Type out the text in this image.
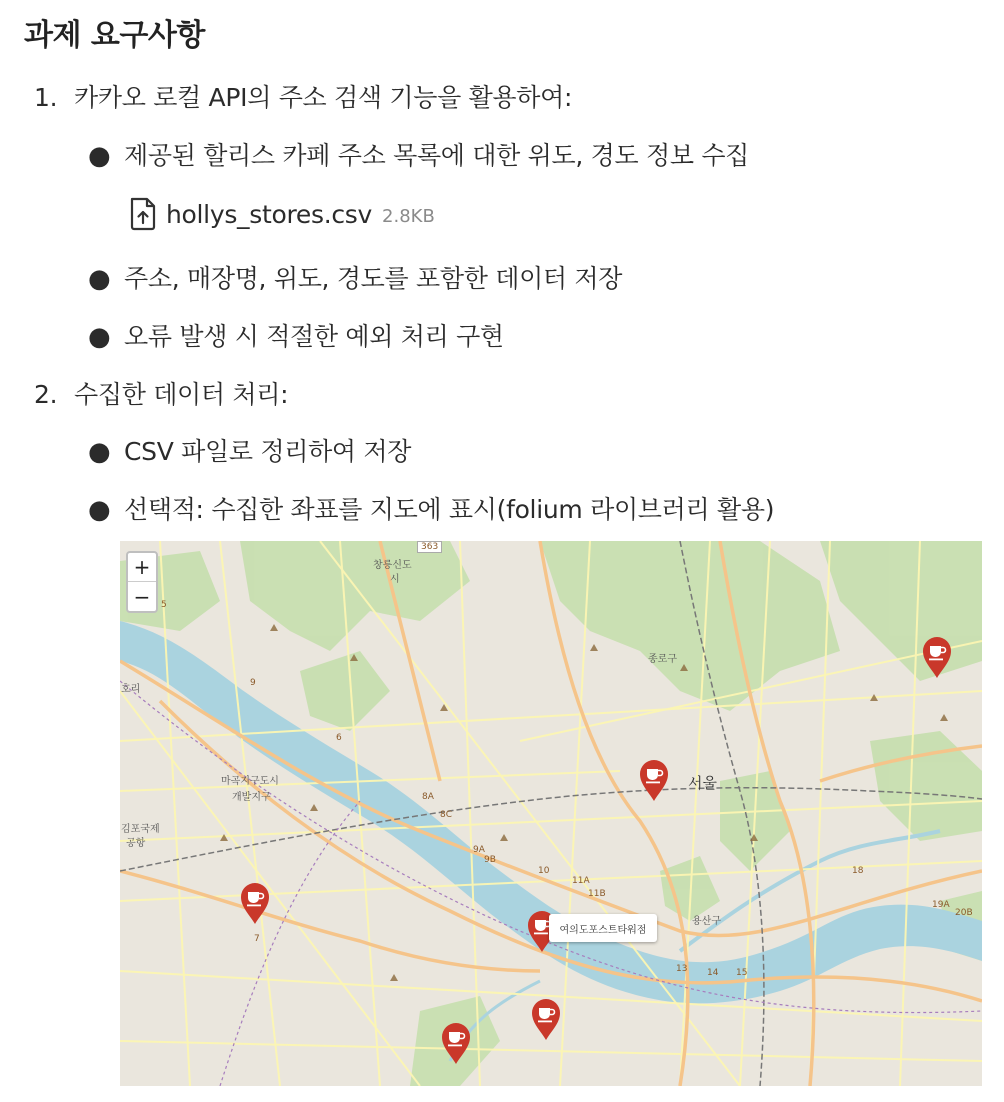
과제 요구사항
1. 카카오 로컬 API의 주소 검색 기능을 활용하여:
● 제공된 할리스 카페 주소 목록에 대한 위도, 경도 정보 수집
hollys_stores.csv 2.8KB
● 주소, 매장명, 위도, 경도를 포함한 데이터 저장
● 오류 발생 시 적절한 예외 처리 구현
2. 수집한 데이터 처리:
● CSV 파일로 정리하여 저장
● 선택적: 수집한 좌표를 지도에 표시(folium 라이브러리 활용)
서울
종로구
용산구
마곡지구도시
개발지구
김포국제
공항
창릉신도
시
호리
363
8A
8C
9A
9B
10
11A
11B
13 14 15
18
19A
20B
9
6
5
7
여의도포스트타워점
+
−
